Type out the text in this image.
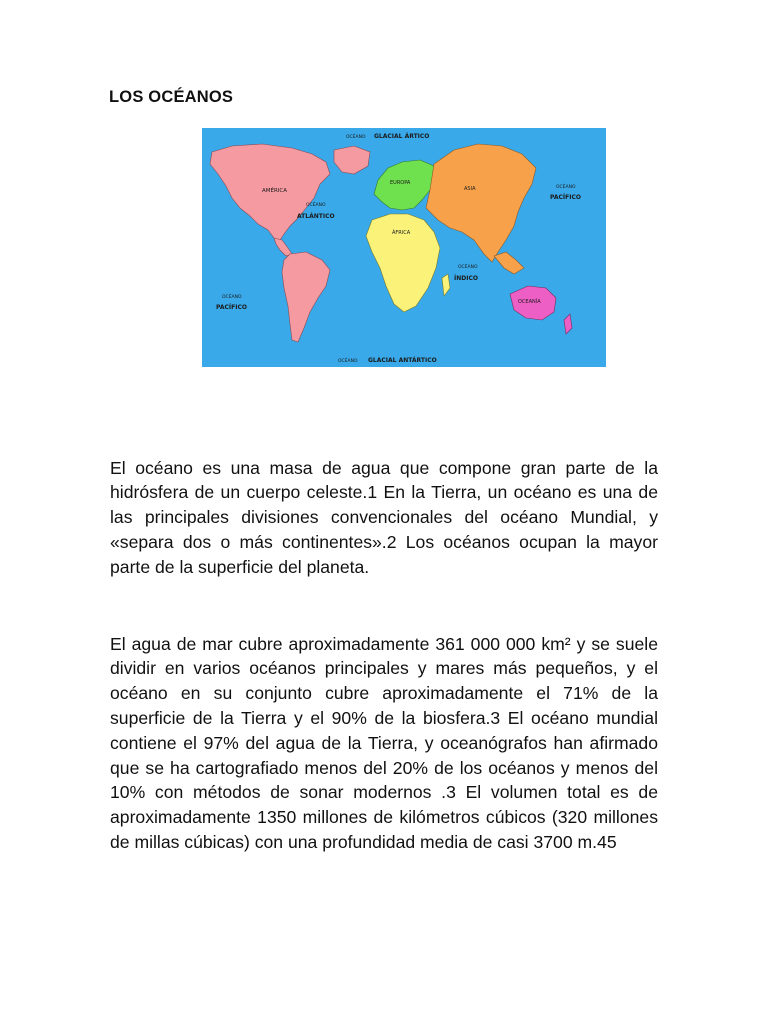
LOS OCÉANOS
AMÉRICA
EUROPA
ASIA
ÁFRICA
OCEANÍA
OCÉANO GLACIAL ÁRTICO
OCÉANO
ATLÁNTICO
OCÉANO
PACÍFICO
OCÉANO
PACÍFICO
OCÉANO
ÍNDICO
OCÉANO GLACIAL ANTÁRTICO

El océano es una masa de agua que compone gran parte de la hidrósfera de un cuerpo celeste.1 En la Tierra, un océano es una de las principales divisiones convencionales del océano Mundial, y «separa dos o más continentes».2 Los océanos ocupan la mayor parte de la superficie del planeta.

El agua de mar cubre aproximadamente 361 000 000 km² y se suele dividir en varios océanos principales y mares más pequeños, y el océano en su conjunto cubre aproximadamente el 71% de la superficie de la Tierra y el 90% de la biosfera.3 El océano mundial contiene el 97% del agua de la Tierra, y oceanógrafos han afirmado que se ha cartografiado menos del 20% de los océanos y menos del 10% con métodos de sonar modernos .3 El volumen total es de aproximadamente 1350 millones de kilómetros cúbicos (320 millones de millas cúbicas) con una profundidad media de casi 3700 m.45
